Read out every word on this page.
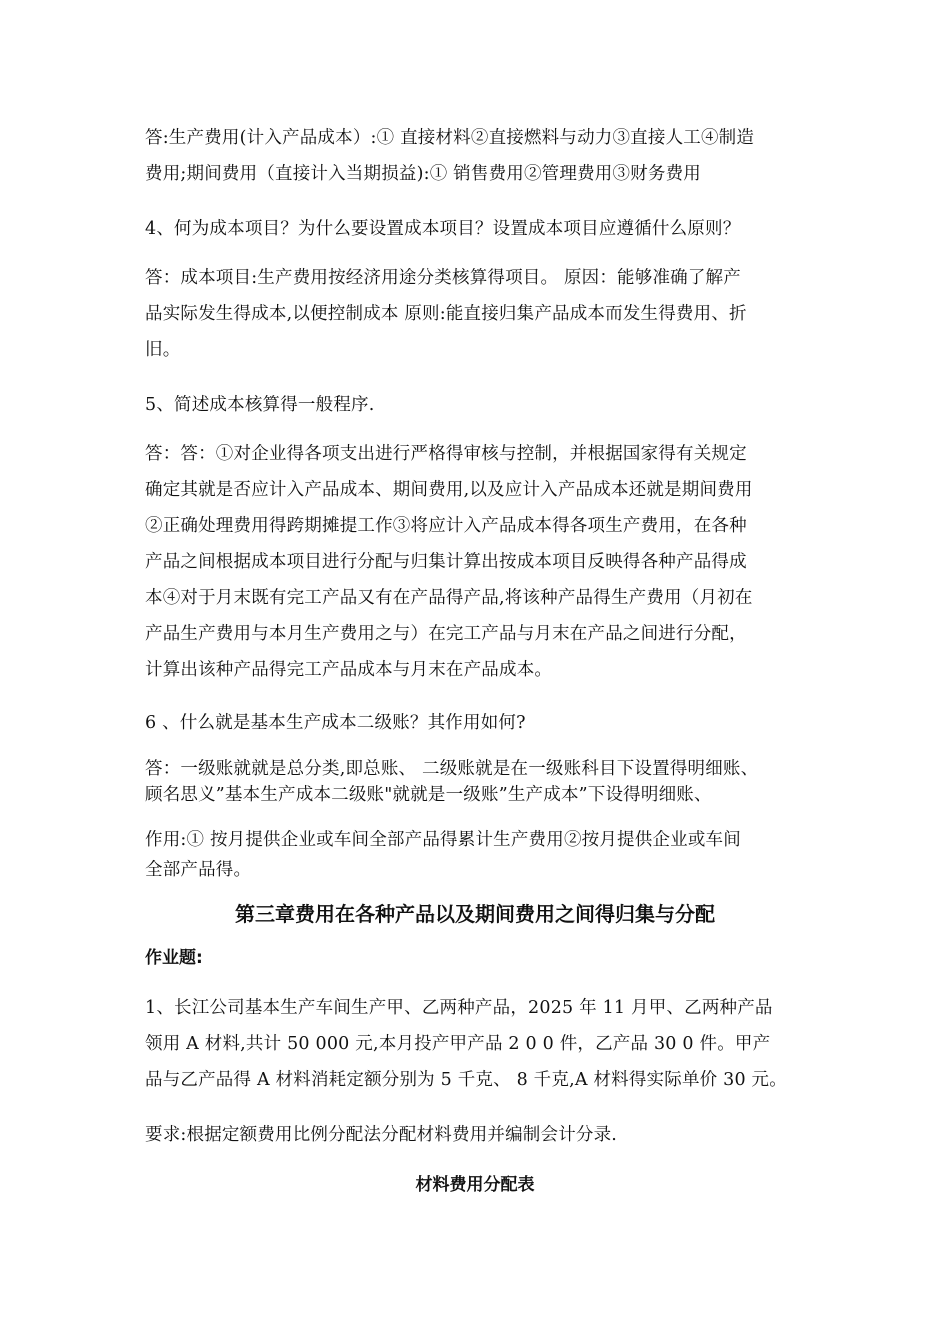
答:生产费用(计入产品成本）:① 直接材料②直接燃料与动力③直接人工④制造
费用;期间费用（直接计入当期损益):① 销售费用②管理费用③财务费用
4、何为成本项目？为什么要设置成本项目？设置成本项目应遵循什么原则？
答：成本项目:生产费用按经济用途分类核算得项目。 原因：能够准确了解产
品实际发生得成本,以便控制成本 原则:能直接归集产品成本而发生得费用、折
旧。
5、简述成本核算得一般程序.
答：答：①对企业得各项支出进行严格得审核与控制，并根据国家得有关规定
确定其就是否应计入产品成本、期间费用,以及应计入产品成本还就是期间费用
②正确处理费用得跨期摊提工作③将应计入产品成本得各项生产费用，在各种
产品之间根据成本项目进行分配与归集计算出按成本项目反映得各种产品得成
本④对于月末既有完工产品又有在产品得产品,将该种产品得生产费用（月初在
产品生产费用与本月生产费用之与）在完工产品与月末在产品之间进行分配，
计算出该种产品得完工产品成本与月末在产品成本。
6 、什么就是基本生产成本二级账？其作用如何?
答：一级账就就是总分类,即总账、 二级账就是在一级账科目下设置得明细账、
顾名思义”基本生产成本二级账"就就是一级账”生产成本”下设得明细账、
作用:① 按月提供企业或车间全部产品得累计生产费用②按月提供企业或车间
全部产品得。
第三章费用在各种产品以及期间费用之间得归集与分配
作业题:
1、长江公司基本生产车间生产甲、乙两种产品，2025 年 11 月甲、乙两种产品
领用 A 材料,共计 50 000 元,本月投产甲产品 2 0 0 件，乙产品 30 0 件。甲产
品与乙产品得 A 材料消耗定额分别为 5 千克、 8 千克,A 材料得实际单价 30 元。
要求:根据定额费用比例分配法分配材料费用并编制会计分录.
材料费用分配表
